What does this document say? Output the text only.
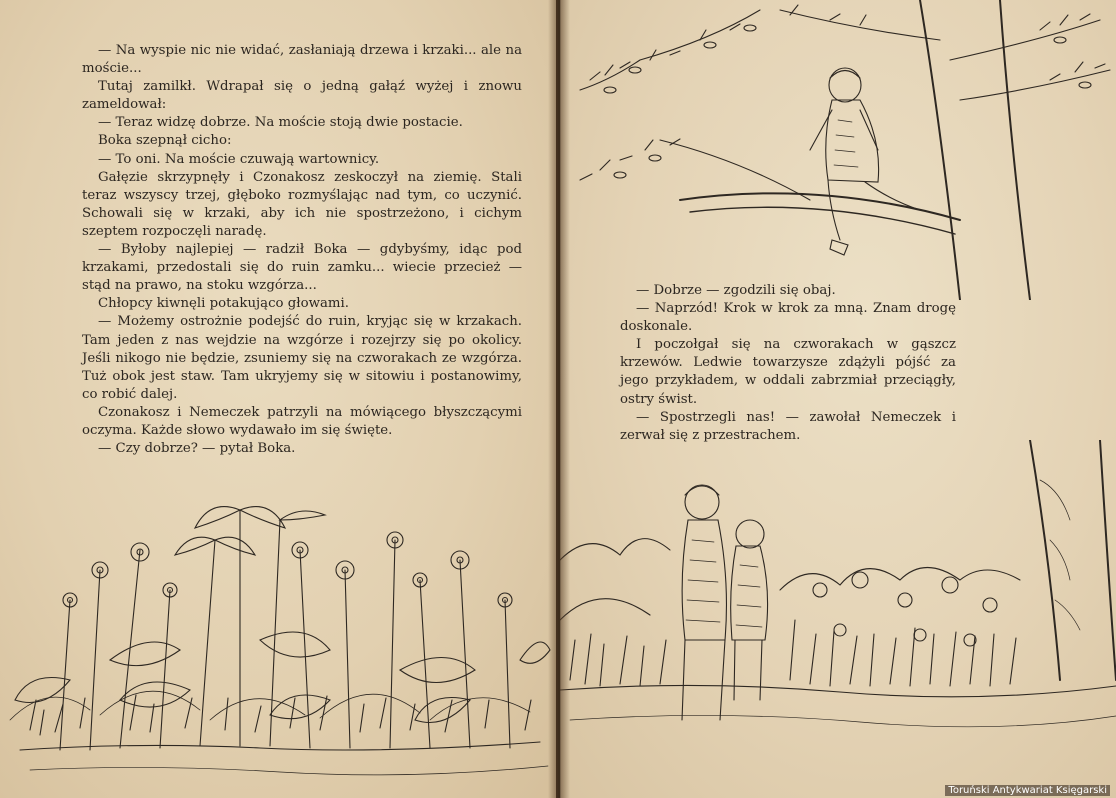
— Na wyspie nic nie widać, zasłaniają drzewa i krzaki... ale na moście...

Tutaj zamilkł. Wdrapał się o jedną gałąź wyżej i znowu zameldował:

— Teraz widzę dobrze. Na moście stoją dwie postacie.

Boka szepnął cicho:

— To oni. Na moście czuwają wartownicy.

Gałęzie skrzypnęły i Czonakosz zeskoczył na ziemię. Stali teraz wszyscy trzej, głęboko rozmyślając nad tym, co uczynić. Schowali się w krzaki, aby ich nie spostrzeżono, i cichym szeptem rozpoczęli naradę.

— Byłoby najlepiej — radził Boka — gdybyśmy, idąc pod krzakami, przedostali się do ruin zamku... wiecie przecież — stąd na prawo, na stoku wzgórza...

Chłopcy kiwnęli potakująco głowami.

— Możemy ostrożnie podejść do ruin, kryjąc się w krzakach. Tam jeden z nas wejdzie na wzgórze i rozejrzy się po okolicy. Jeśli nikogo nie będzie, zsuniemy się na czworakach ze wzgórza. Tuż obok jest staw. Tam ukryjemy się w sitowiu i postanowimy, co robić dalej.

Czonakosz i Nemeczek patrzyli na mówiącego błyszczącymi oczyma. Każde słowo wydawało im się święte.

— Czy dobrze? — pytał Boka.

— Dobrze — zgodzili się obaj.

— Naprzód! Krok w krok za mną. Znam drogę doskonale.

I poczołgał się na czworakach w gąszcz krzewów. Ledwie towarzysze zdążyli pójść za jego przykładem, w oddali zabrzmiał przeciągły, ostry świst.

— Spostrzegli nas! — zawołał Nemeczek i zerwał się z przestrachem.

Toruński Antykwariat Księgarski
